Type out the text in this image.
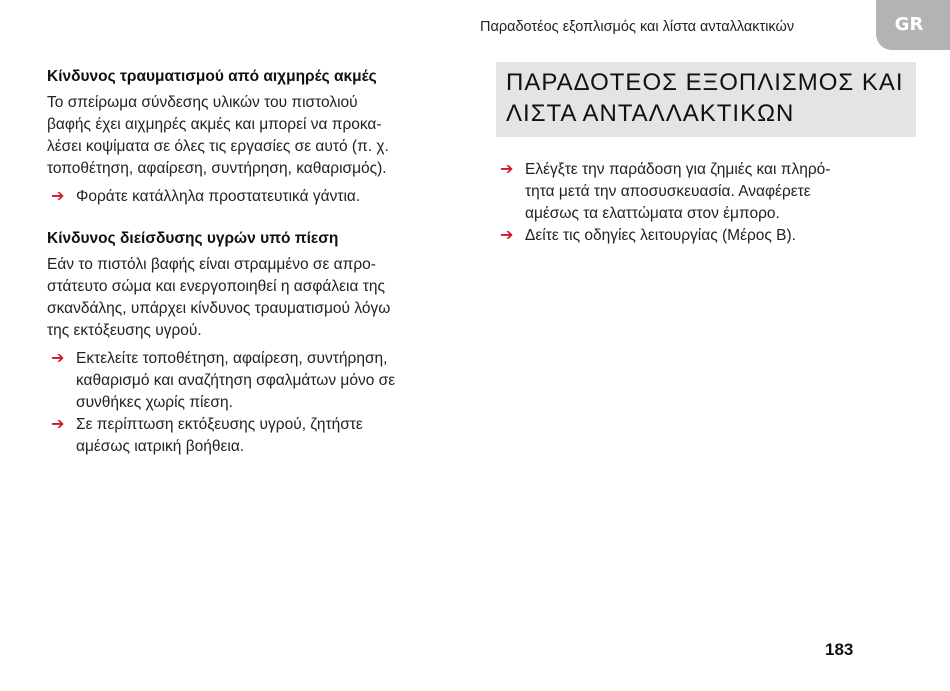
Παραδοτέος εξοπλισμός και λίστα ανταλλακτικών	GR

Κίνδυνος τραυματισμού από αιχμηρές ακμές

Το σπείρωμα σύνδεσης υλικών του πιστολιού

βαφής έχει αιχμηρές ακμές και μπορεί να προκα-

λέσει κοψίματα σε όλες τις εργασίες σε αυτό (π. χ.

τοποθέτηση, αφαίρεση, συντήρηση, καθαρισμός).

➔ Φοράτε κατάλληλα προστατευτικά γάντια.

Κίνδυνος διείσδυσης υγρών υπό πίεση

Εάν το πιστόλι βαφής είναι στραμμένο σε απρο-

στάτευτο σώμα και ενεργοποιηθεί η ασφάλεια της

σκανδάλης, υπάρχει κίνδυνος τραυματισμού λόγω

της εκτόξευσης υγρού.

➔ Εκτελείτε τοποθέτηση, αφαίρεση, συντήρηση,
καθαρισμό και αναζήτηση σφαλμάτων μόνο σε
συνθήκες χωρίς πίεση.
➔ Σε περίπτωση εκτόξευσης υγρού, ζητήστε
αμέσως ιατρική βοήθεια.
ΠΑΡΑΔΟΤΕΟΣ ΕΞΟΠΛΙΣΜΟΣ ΚΑΙ
ΛΙΣΤΑ ΑΝΤΑΛΛΑΚΤΙΚΩΝ
➔ Ελέγξτε την παράδοση για ζημιές και πληρό-
τητα μετά την αποσυσκευασία. Αναφέρετε
αμέσως τα ελαττώματα στον έμπορο.
➔ Δείτε τις οδηγίες λειτουργίας (Μέρος B).
183
